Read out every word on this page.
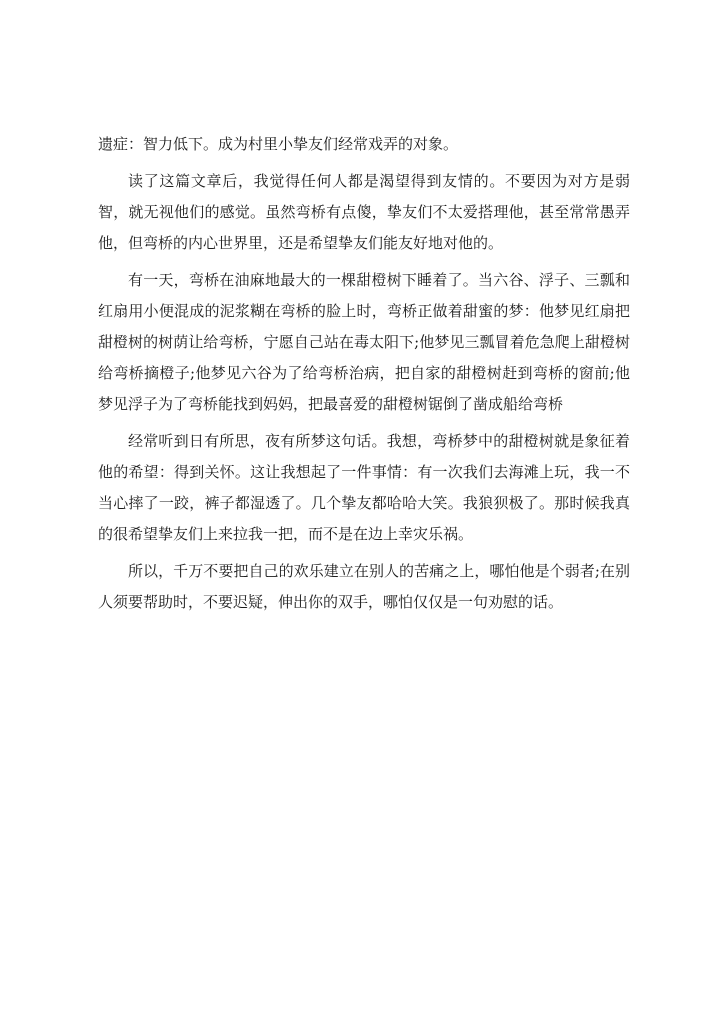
遗症：智力低下。成为村里小挚友们经常戏弄的对象。

读了这篇文章后，我觉得任何人都是渴望得到友情的。不要因为对方是弱智，就无视他们的感觉。虽然弯桥有点傻，挚友们不太爱搭理他，甚至常常愚弄他，但弯桥的内心世界里，还是希望挚友们能友好地对他的。

有一天，弯桥在油麻地最大的一棵甜橙树下睡着了。当六谷、浮子、三瓢和红扇用小便混成的泥浆糊在弯桥的脸上时，弯桥正做着甜蜜的梦：他梦见红扇把甜橙树的树荫让给弯桥，宁愿自己站在毒太阳下;他梦见三瓢冒着危急爬上甜橙树给弯桥摘橙子;他梦见六谷为了给弯桥治病，把自家的甜橙树赶到弯桥的窗前;他梦见浮子为了弯桥能找到妈妈，把最喜爱的甜橙树锯倒了凿成船给弯桥

经常听到日有所思，夜有所梦这句话。我想，弯桥梦中的甜橙树就是象征着他的希望：得到关怀。这让我想起了一件事情：有一次我们去海滩上玩，我一不当心摔了一跤，裤子都湿透了。几个挚友都哈哈大笑。我狼狈极了。那时候我真的很希望挚友们上来拉我一把，而不是在边上幸灾乐祸。

所以，千万不要把自己的欢乐建立在别人的苦痛之上，哪怕他是个弱者;在别人须要帮助时，不要迟疑，伸出你的双手，哪怕仅仅是一句劝慰的话。
